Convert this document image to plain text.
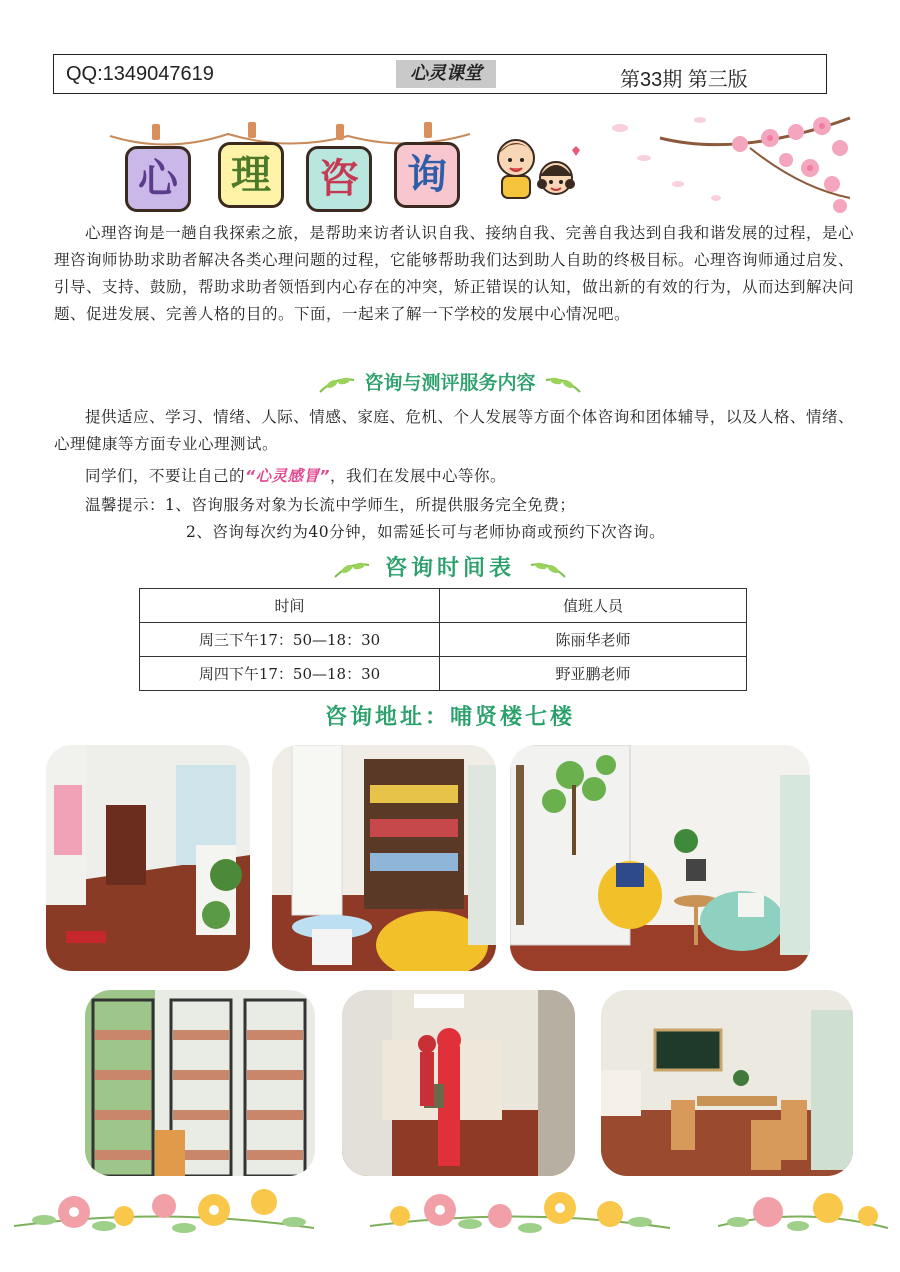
QQ:1349047619	心灵课堂	第33期 第三版
心	理	咨	询
心理咨询是一趟自我探索之旅，是帮助来访者认识自我、接纳自我、完善自我达到自我和谐发展的过程，是心理咨询师协助求助者解决各类心理问题的过程，它能够帮助我们达到助人自助的终极目标。心理咨询师通过启发、引导、支持、鼓励，帮助求助者领悟到内心存在的冲突，矫正错误的认知，做出新的有效的行为，从而达到解决问题、促进发展、完善人格的目的。下面，一起来了解一下学校的发展中心情况吧。
咨询与测评服务内容
提供适应、学习、情绪、人际、情感、家庭、危机、个人发展等方面个体咨询和团体辅导，以及人格、情绪、心理健康等方面专业心理测试。
同学们，不要让自己的“心灵感冒”，我们在发展中心等你。
温馨提示：1、咨询服务对象为长流中学师生，所提供服务完全免费；
2、咨询每次约为40分钟，如需延长可与老师协商或预约下次咨询。
咨询时间表
时间	值班人员
周三下午17：50—18：30	陈丽华老师
周四下午17：50—18：30	野亚鹏老师
咨询地址：哺贤楼七楼
